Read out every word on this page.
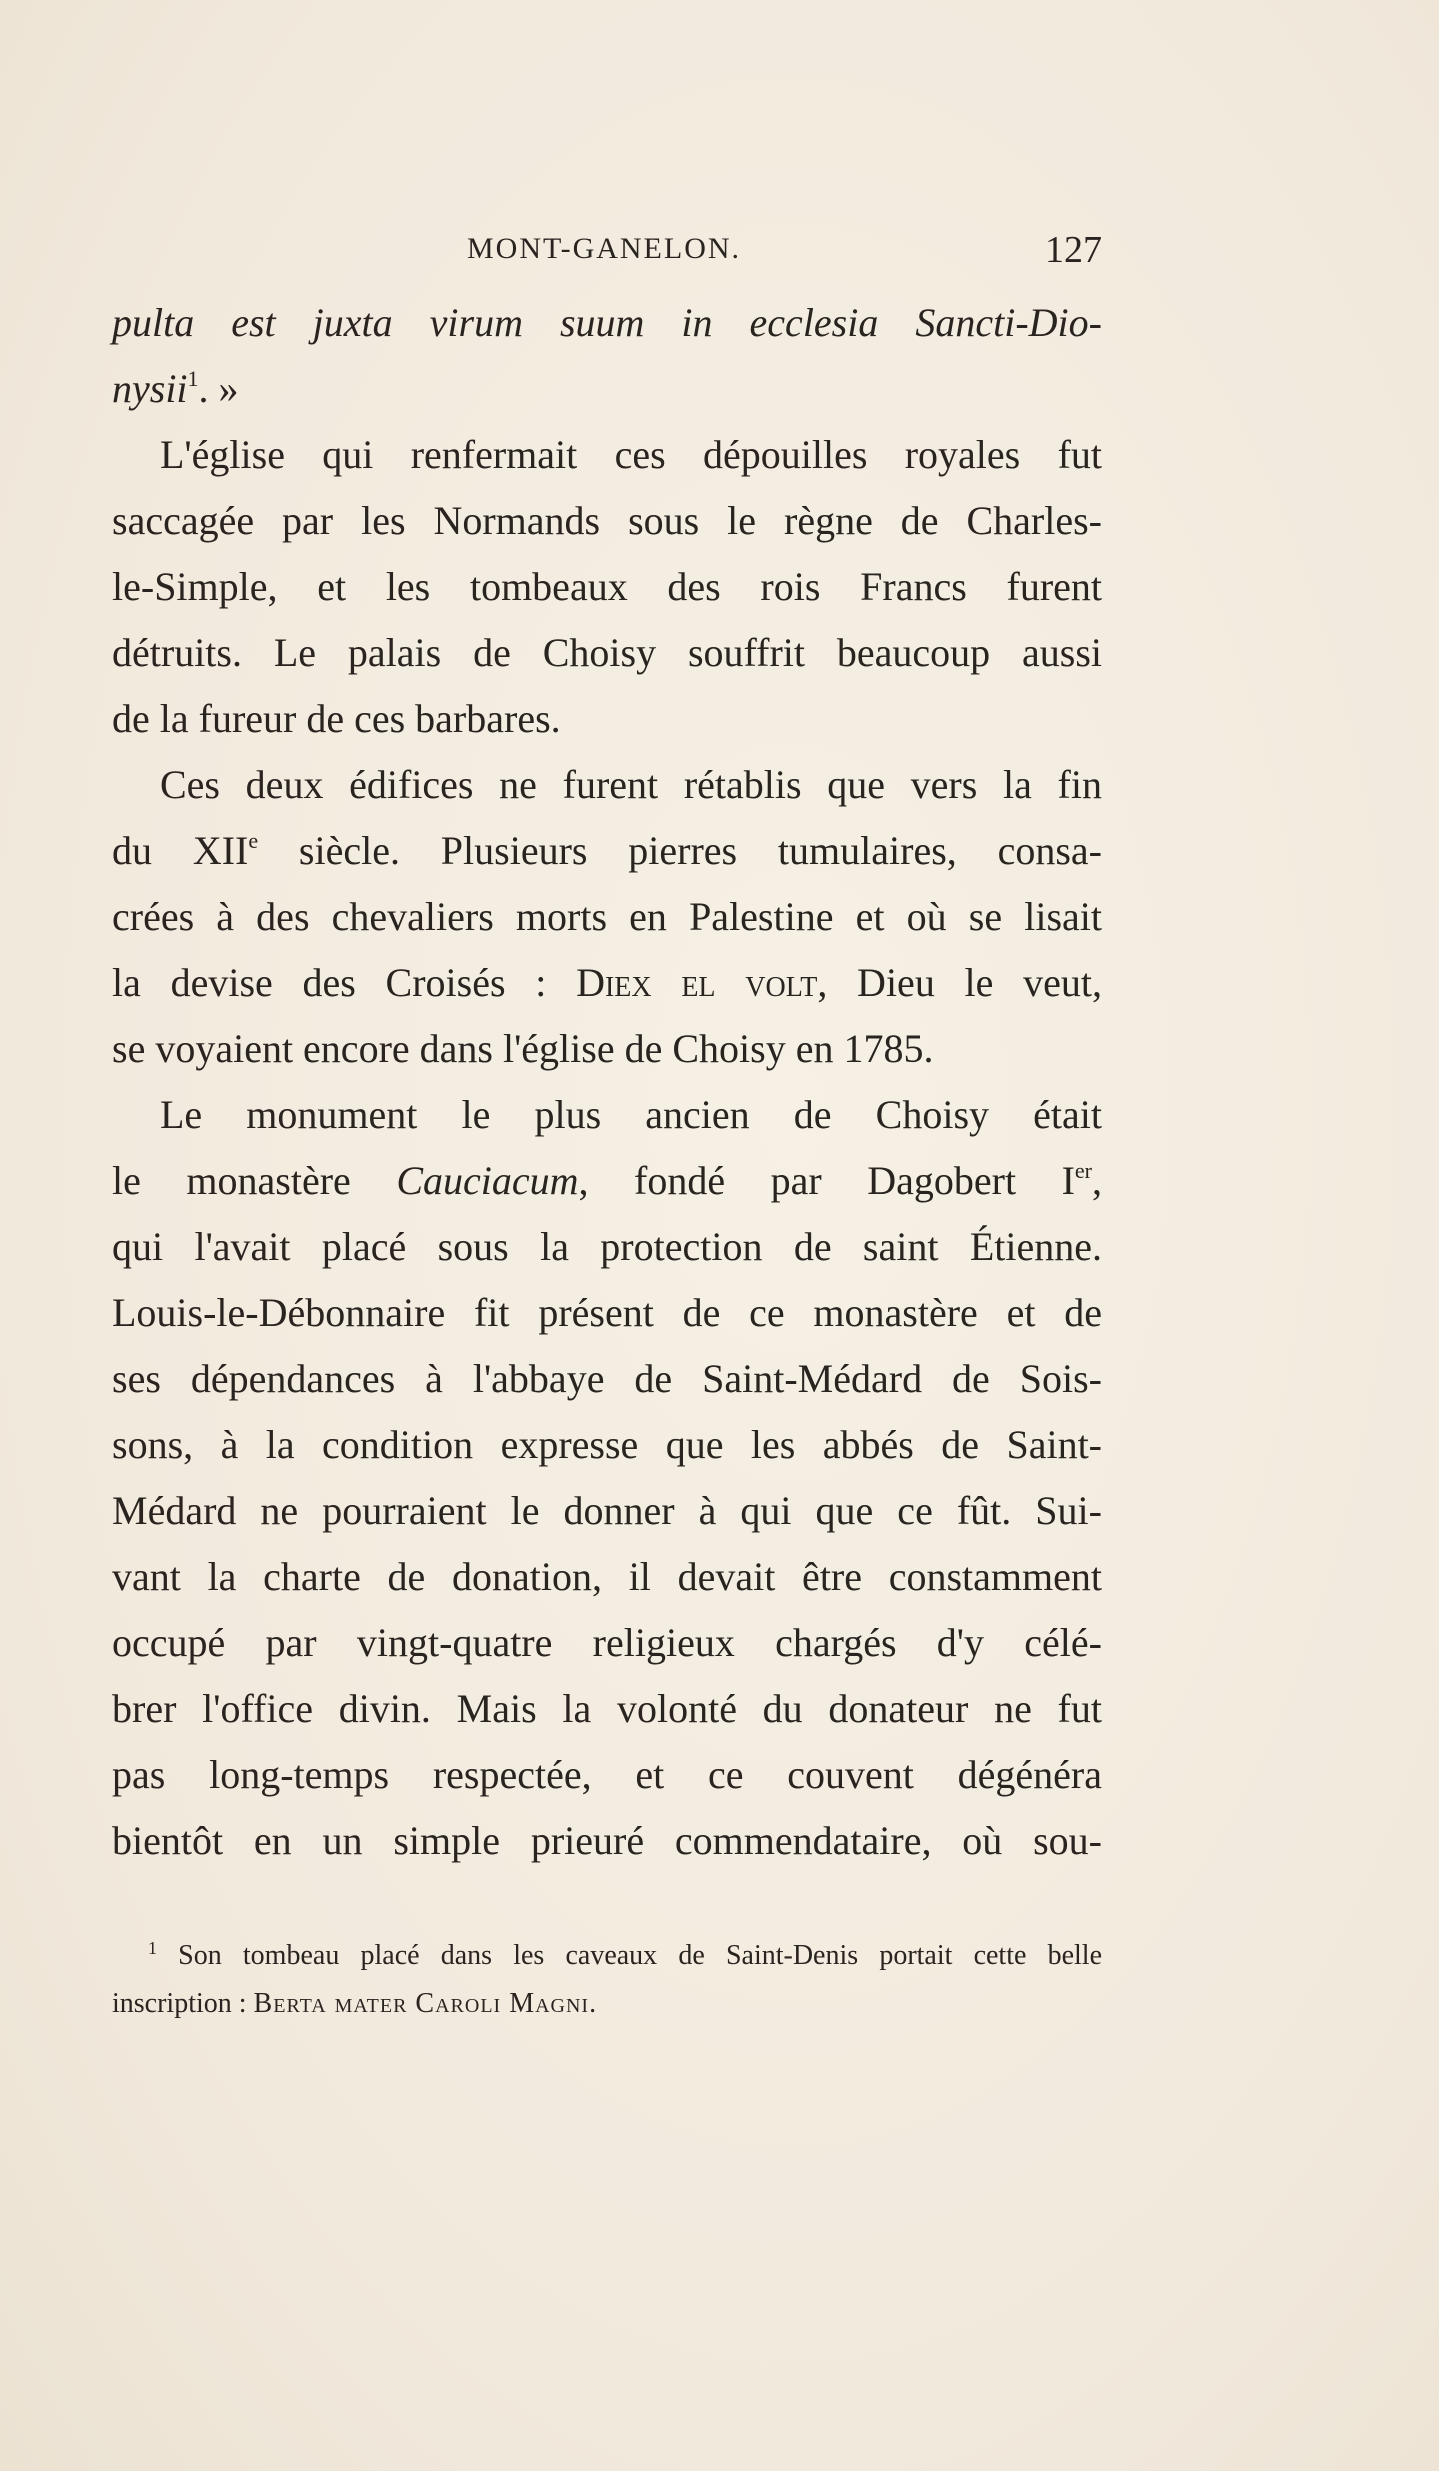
MONT-GANELON.	127
pulta est juxta virum suum in ecclesia Sancti-Dio-
nysii$^1$. »
L'église qui renfermait ces dépouilles royales fut
saccagée par les Normands sous le règne de Charles-
le-Simple, et les tombeaux des rois Francs furent
détruits. Le palais de Choisy souffrit beaucoup aussi
de la fureur de ces barbares.
Ces deux édifices ne furent rétablis que vers la fin
du XIIe siècle. Plusieurs pierres tumulaires, consa-
crées à des chevaliers morts en Palestine et où se lisait
la devise des Croisés : Diex el volt, Dieu le veut,
se voyaient encore dans l'église de Choisy en 1785.
Le monument le plus ancien de Choisy était
le monastère Cauciacum, fondé par Dagobert Ier,
qui l'avait placé sous la protection de saint Étienne.
Louis-le-Débonnaire fit présent de ce monastère et de
ses dépendances à l'abbaye de Saint-Médard de Sois-
sons, à la condition expresse que les abbés de Saint-
Médard ne pourraient le donner à qui que ce fût. Sui-
vant la charte de donation, il devait être constamment
occupé par vingt-quatre religieux chargés d'y célé-
brer l'office divin. Mais la volonté du donateur ne fut
pas long-temps respectée, et ce couvent dégénéra
bientôt en un simple prieuré commendataire, où sou-
$^1$ Son tombeau placé dans les caveaux de Saint-Denis portait cette belle
inscription : Berta mater Caroli Magni.
